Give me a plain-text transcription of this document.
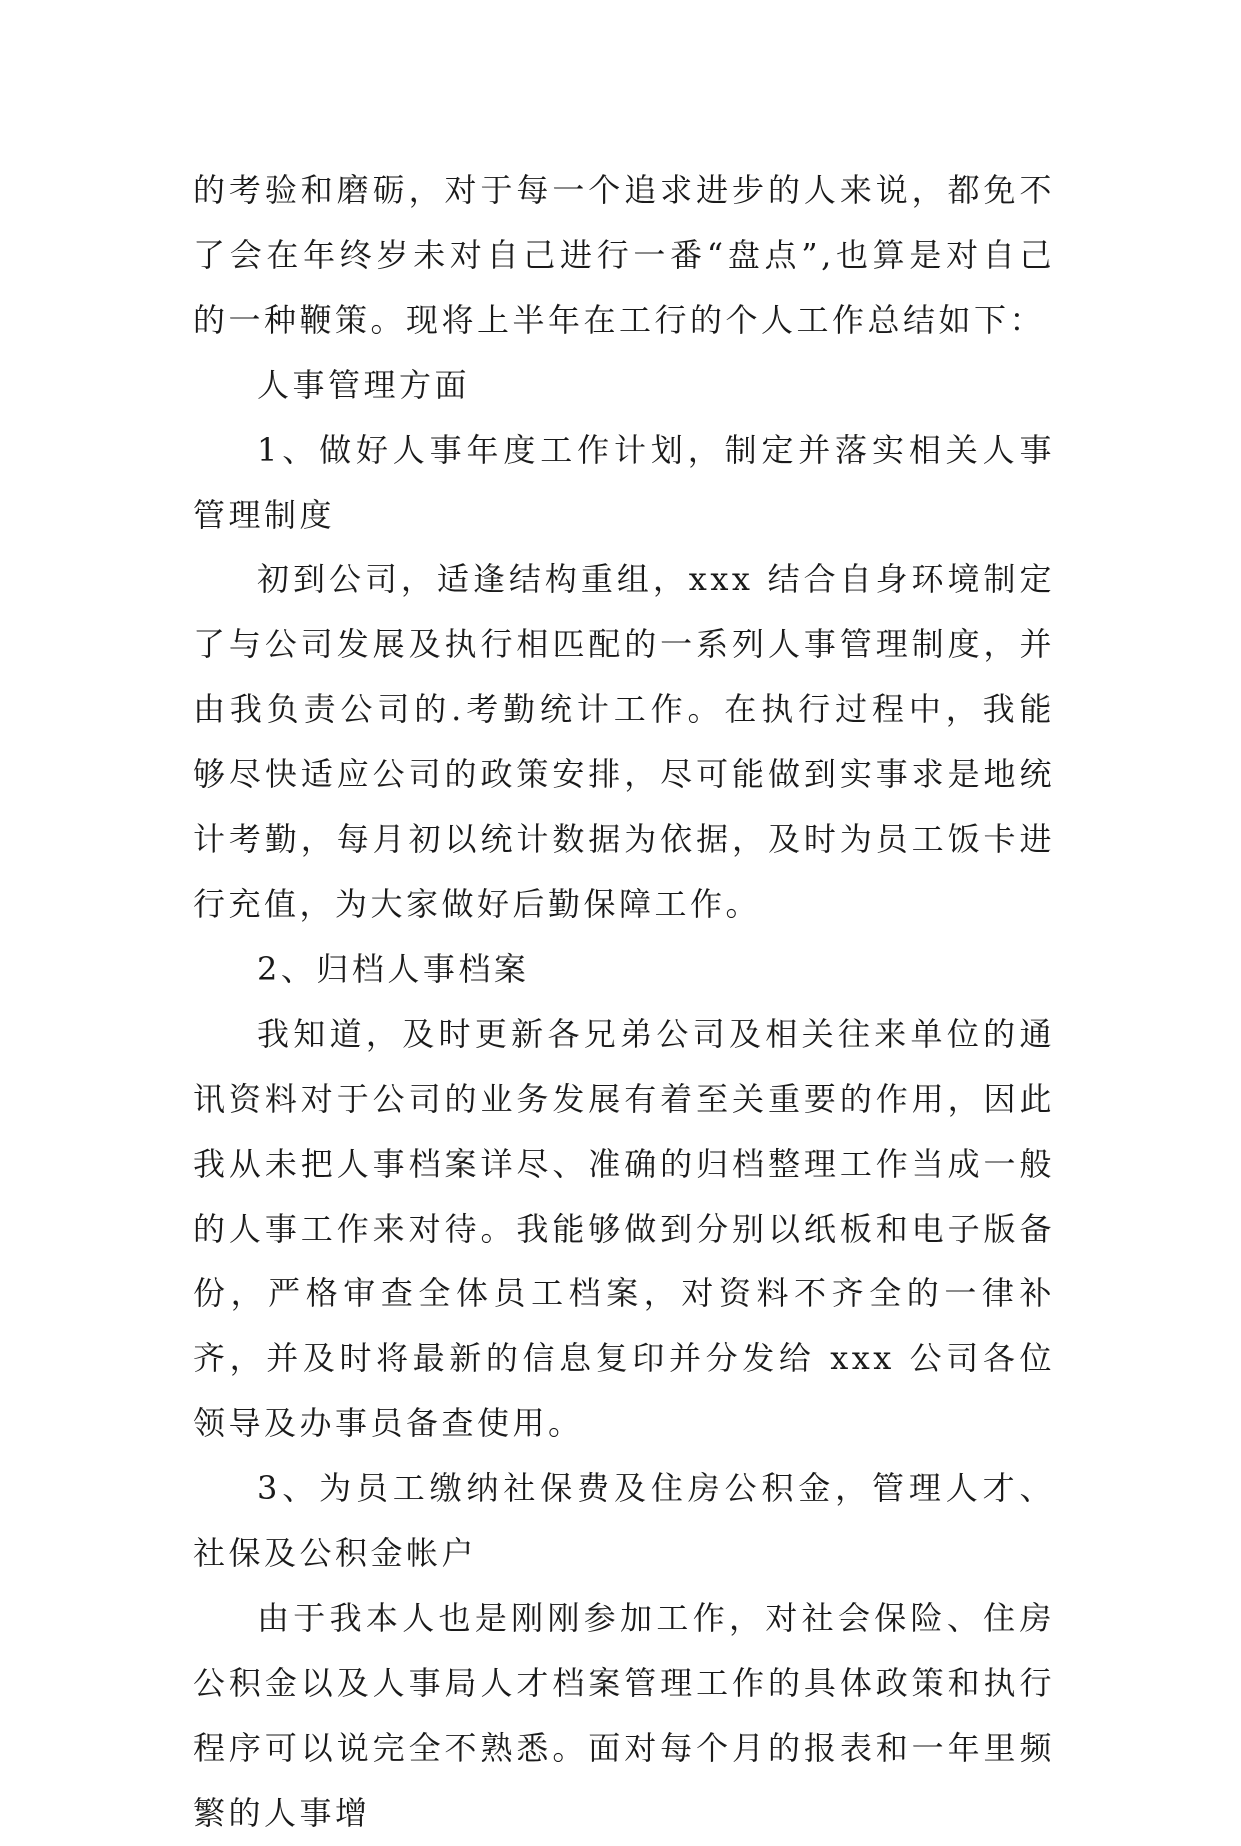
的考验和磨砺，对于每一个追求进步的人来说，都免不了会在年终岁未对自己进行一番“盘点”,也算是对自己的一种鞭策。现将上半年在工行的个人工作总结如下：

人事管理方面

1、做好人事年度工作计划，制定并落实相关人事管理制度

初到公司，适逢结构重组，xxx 结合自身环境制定了与公司发展及执行相匹配的一系列人事管理制度，并由我负责公司的.考勤统计工作。在执行过程中，我能够尽快适应公司的政策安排，尽可能做到实事求是地统计考勤，每月初以统计数据为依据，及时为员工饭卡进行充值，为大家做好后勤保障工作。

2、归档人事档案

我知道，及时更新各兄弟公司及相关往来单位的通讯资料对于公司的业务发展有着至关重要的作用，因此我从未把人事档案详尽、准确的归档整理工作当成一般的人事工作来对待。我能够做到分别以纸板和电子版备份，严格审查全体员工档案，对资料不齐全的一律补齐，并及时将最新的信息复印并分发给 xxx 公司各位领导及办事员备查使用。

3、为员工缴纳社保费及住房公积金，管理人才、社保及公积金帐户

由于我本人也是刚刚参加工作，对社会保险、住房公积金以及人事局人才档案管理工作的具体政策和执行程序可以说完全不熟悉。面对每个月的报表和一年里频繁的人事增
